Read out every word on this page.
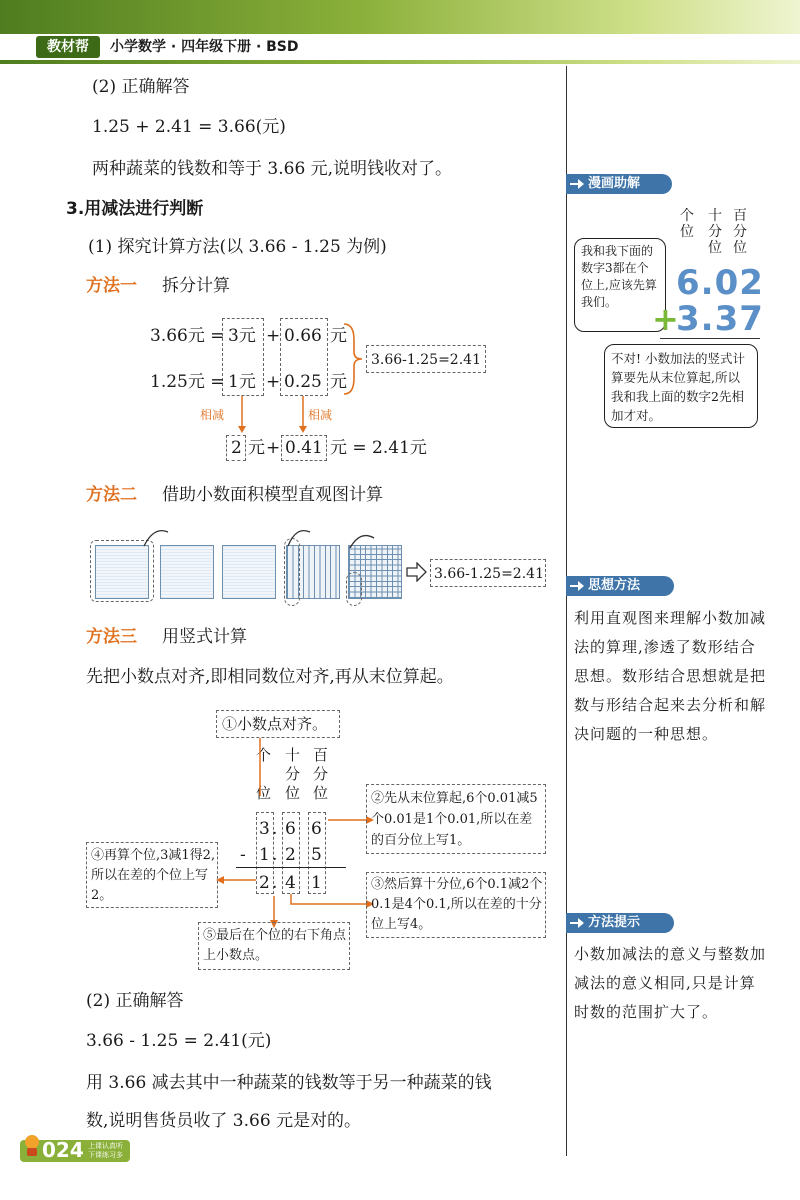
教材帮	小学数学 · 四年级下册 · BSD
(2) 正确解答
1.25 + 2.41 = 3.66(元)
两种蔬菜的钱数和等于 3.66 元,说明钱收对了。
3.用减法进行判断
(1) 探究计算方法(以 3.66 - 1.25 为例)
方法一 拆分计算
3.66元 = 3元 + 0.66 元
1.25元 = 1元 + 0.25 元
3.66-1.25=2.41
相减	相减
2 元 + 0.41 元 = 2.41元
方法二 借助小数面积模型直观图计算
3.66-1.25=2.41
方法三 用竖式计算
先把小数点对齐,即相同数位对齐,再从末位算起。
①小数点对齐。
个

位
十
分
位
百
分
位
3 . 6 6
- 1 . 2 5
2 . 4 1
②先从末位算起,6个0.01减5个0.01是1个0.01,所以在差的百分位上写1。
③然后算十分位,6个0.1减2个0.1是4个0.1,所以在差的十分位上写4。
④再算个位,3减1得2,所以在差的个位上写2。
⑤最后在个位的右下角点上小数点。
(2) 正确解答
3.66 - 1.25 = 2.41(元)
用 3.66 减去其中一种蔬菜的钱数等于另一种蔬菜的钱
数,说明售货员收了 3.66 元是对的。
漫画助解
我和我下面的数字3都在个位上,应该先算我们。
个
位
十
分
位
百
分
位
6.02
+
3.37
不对! 小数加法的竖式计算要先从末位算起,所以我和我上面的数字2先相加才对。
思想方法
利用直观图来理解小数加减法的算理,渗透了数形结合思想。数形结合思想就是把数与形结合起来去分析和解决问题的一种思想。
方法提示
小数加减法的意义与整数加减法的意义相同,只是计算时数的范围扩大了。
024 上课认真听 下课练习多
